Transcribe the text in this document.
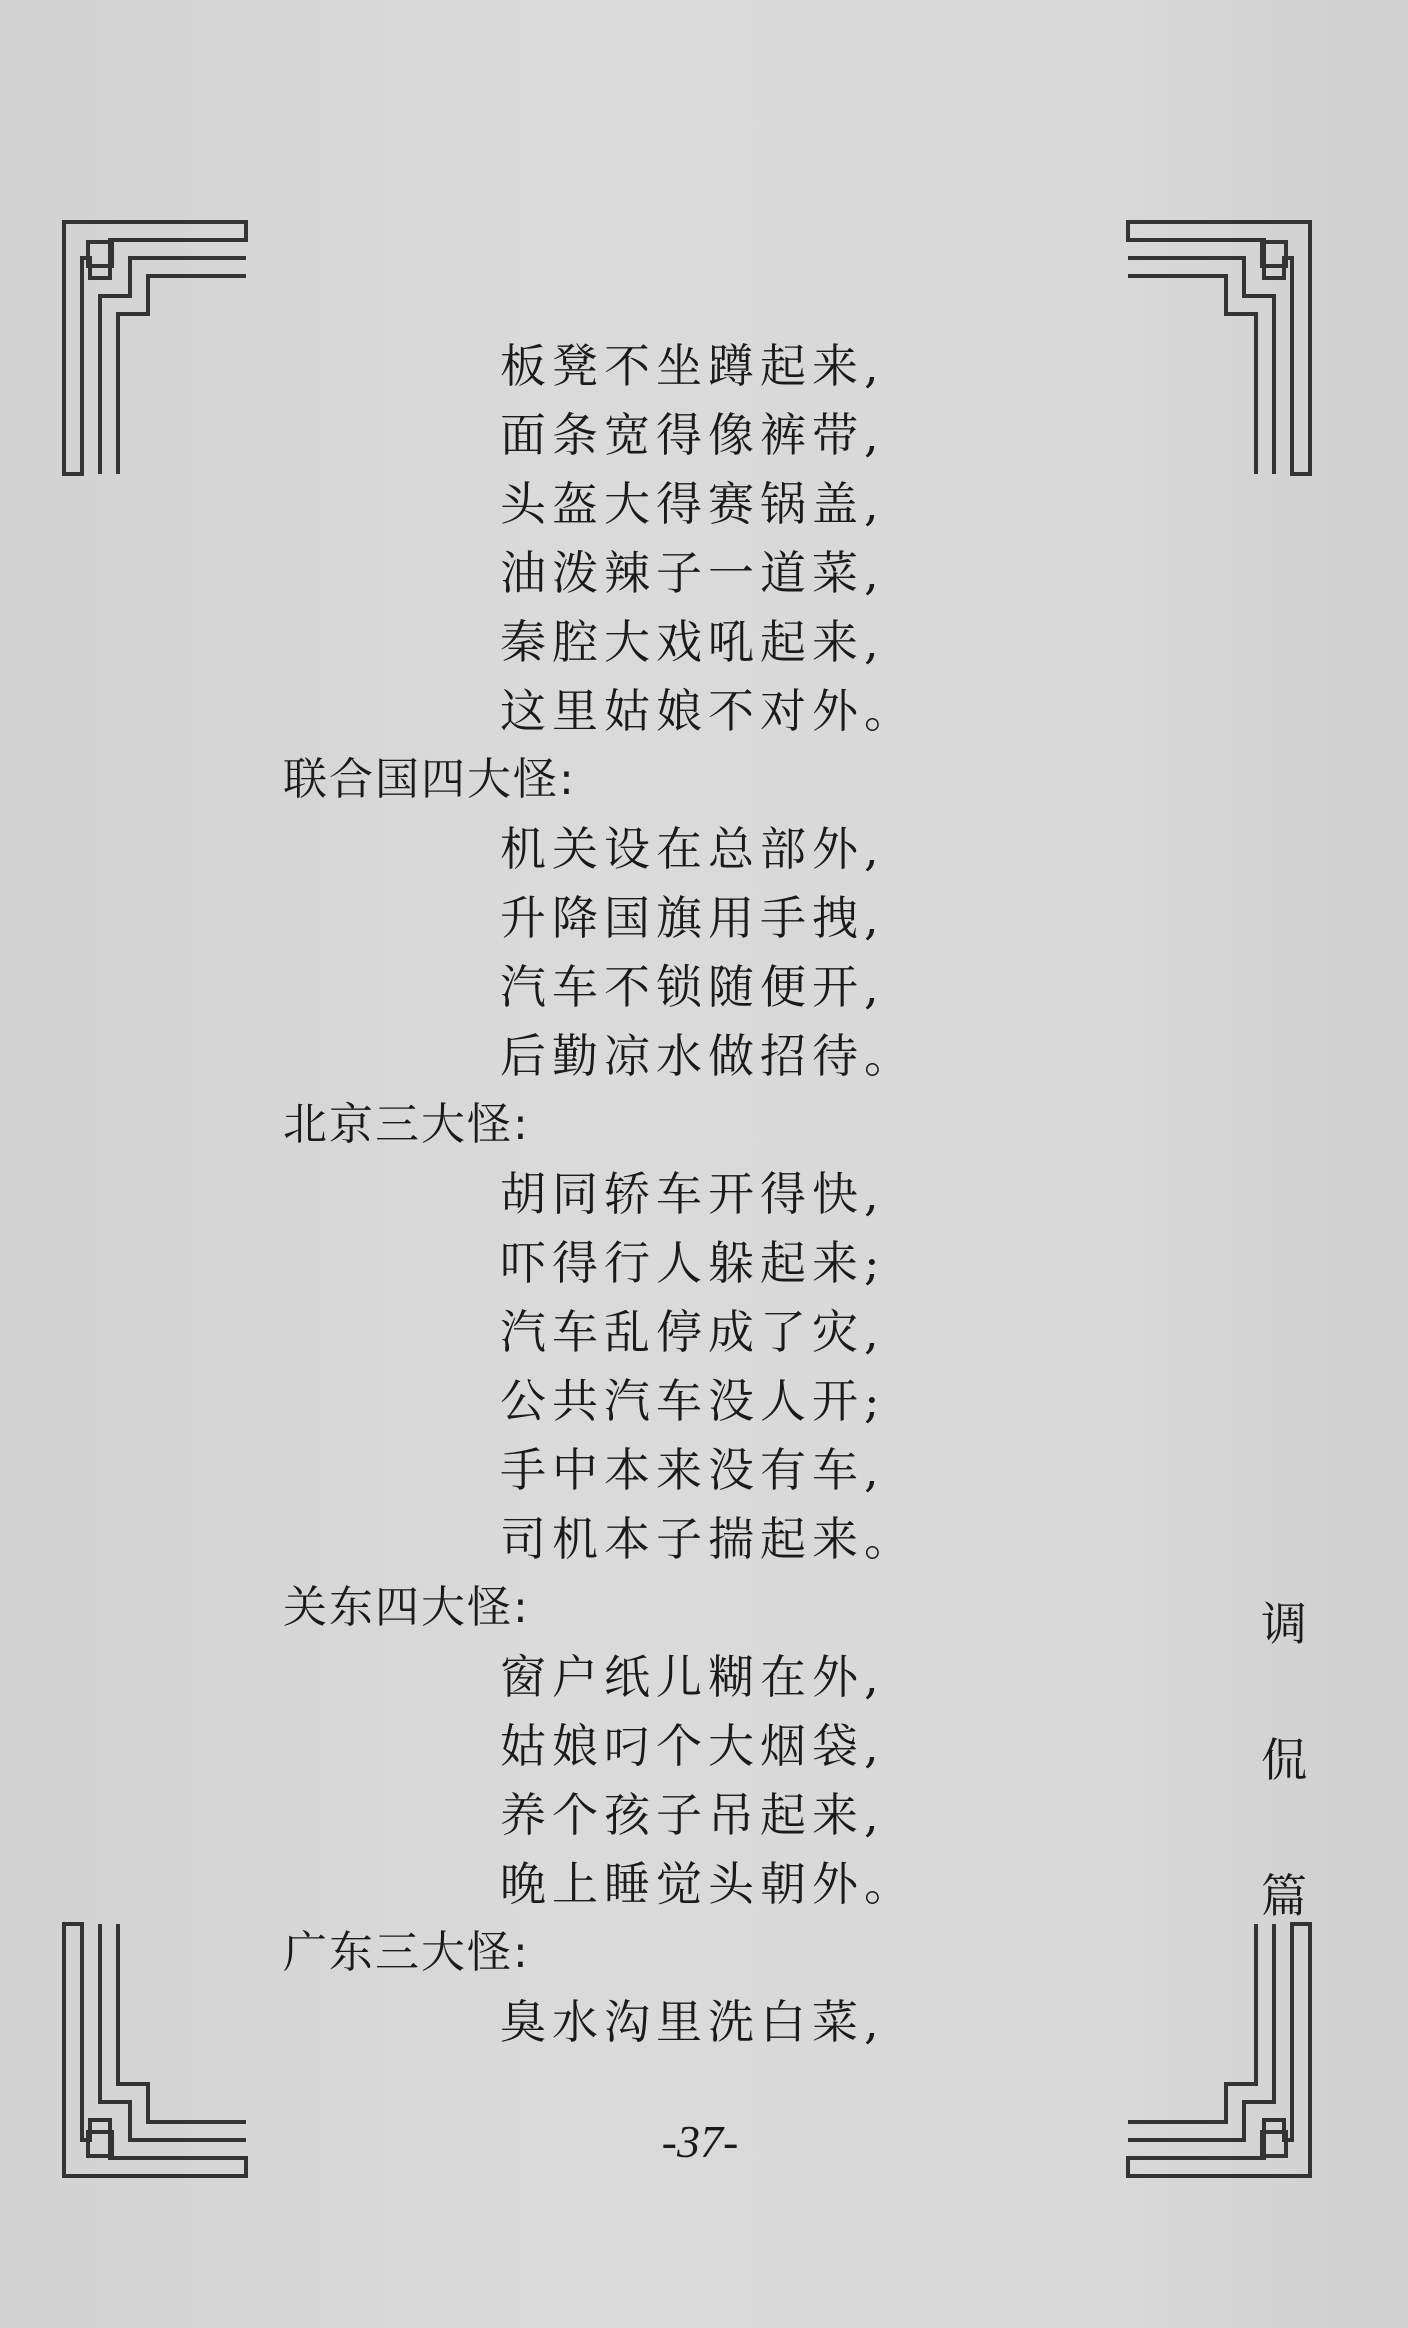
板凳不坐蹲起来,
面条宽得像裤带,
头盔大得赛锅盖,
油泼辣子一道菜,
秦腔大戏吼起来,
这里姑娘不对外。
联合国四大怪:
机关设在总部外,
升降国旗用手拽,
汽车不锁随便开,
后勤凉水做招待。
北京三大怪:
胡同轿车开得快,
吓得行人躲起来;
汽车乱停成了灾,
公共汽车没人开;
手中本来没有车,
司机本子揣起来。
关东四大怪:
窗户纸儿糊在外,
姑娘叼个大烟袋,
养个孩子吊起来,
晚上睡觉头朝外。
广东三大怪:
臭水沟里洗白菜,
调
侃
篇
-37-
